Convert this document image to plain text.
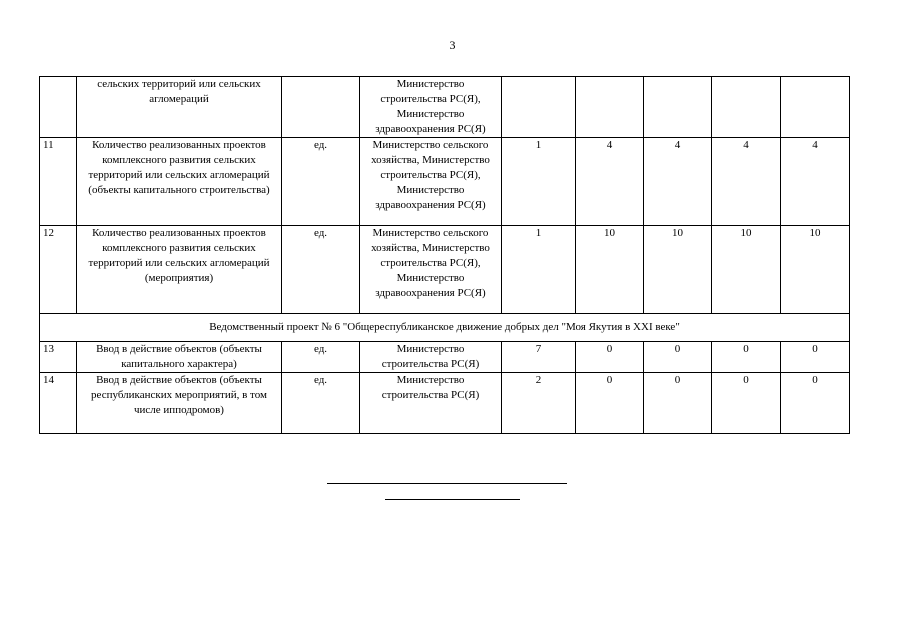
3
	сельских территорий или сельских агломераций		Министерство строительства РС(Я), Министерство здравоохранения РС(Я)					
11	Количество реализованных проектов комплексного развития сельских территорий или сельских агломераций (объекты капитального строительства)	ед.	Министерство сельского хозяйства, Министерство строительства РС(Я), Министерство здравоохранения РС(Я)	1	4	4	4	4
12	Количество реализованных проектов комплексного развития сельских территорий или сельских агломераций (мероприятия)	ед.	Министерство сельского хозяйства, Министерство строительства РС(Я), Министерство здравоохранения РС(Я)	1	10	10	10	10
Ведомственный проект № 6 "Общереспубликанское движение добрых дел "Моя Якутия в XXI веке"								
13	Ввод в действие объектов (объекты капитального характера)	ед.	Министерство строительства РС(Я)	7	0	0	0	0
14	Ввод в действие объектов (объекты республиканских мероприятий, в том числе ипподромов)	ед.	Министерство строительства РС(Я)	2	0	0	0	0
